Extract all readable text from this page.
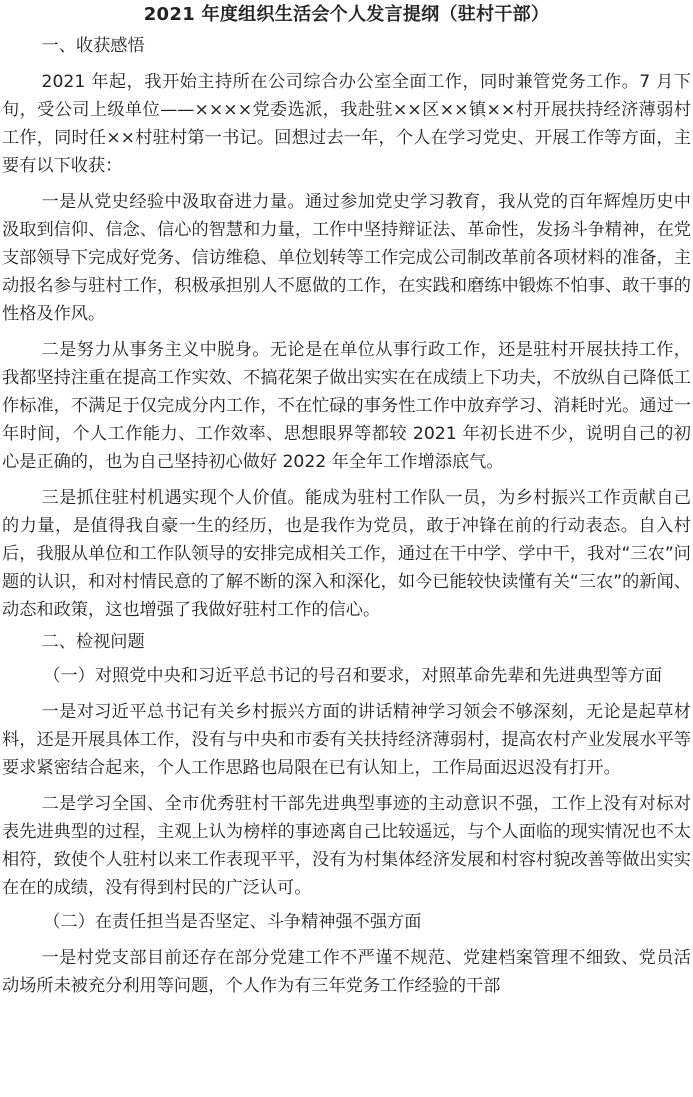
2021 年度组织生活会个人发言提纲（驻村干部）

一、收获感悟

2021 年起，我开始主持所在公司综合办公室全面工作，同时兼管党务工作。7 月下旬，受公司上级单位——××××党委选派，我赴驻××区××镇××村开展扶持经济薄弱村工作，同时任××村驻村第一书记。回想过去一年，个人在学习党史、开展工作等方面，主要有以下收获：

一是从党史经验中汲取奋进力量。通过参加党史学习教育，我从党的百年辉煌历史中汲取到信仰、信念、信心的智慧和力量，工作中坚持辩证法、革命性，发扬斗争精神，在党支部领导下完成好党务、信访维稳、单位划转等工作完成公司制改革前各项材料的准备，主动报名参与驻村工作，积极承担别人不愿做的工作，在实践和磨练中锻炼不怕事、敢干事的性格及作风。

二是努力从事务主义中脱身。无论是在单位从事行政工作，还是驻村开展扶持工作，我都坚持注重在提高工作实效、不搞花架子做出实实在在成绩上下功夫，不放纵自己降低工作标准，不满足于仅完成分内工作，不在忙碌的事务性工作中放弃学习、消耗时光。通过一年时间，个人工作能力、工作效率、思想眼界等都较 2021 年初长进不少，说明自己的初心是正确的，也为自己坚持初心做好 2022 年全年工作增添底气。

三是抓住驻村机遇实现个人价值。能成为驻村工作队一员，为乡村振兴工作贡献自己的力量，是值得我自豪一生的经历，也是我作为党员，敢于冲锋在前的行动表态。自入村后，我服从单位和工作队领导的安排完成相关工作，通过在干中学、学中干，我对“三农”问题的认识，和对村情民意的了解不断的深入和深化，如今已能较快读懂有关“三农”的新闻、动态和政策，这也增强了我做好驻村工作的信心。

二、检视问题

（一）对照党中央和习近平总书记的号召和要求，对照革命先辈和先进典型等方面

一是对习近平总书记有关乡村振兴方面的讲话精神学习领会不够深刻，无论是起草材料，还是开展具体工作，没有与中央和市委有关扶持经济薄弱村，提高农村产业发展水平等要求紧密结合起来，个人工作思路也局限在已有认知上，工作局面迟迟没有打开。

二是学习全国、全市优秀驻村干部先进典型事迹的主动意识不强，工作上没有对标对表先进典型的过程，主观上认为榜样的事迹离自己比较遥远，与个人面临的现实情况也不太相符，致使个人驻村以来工作表现平平，没有为村集体经济发展和村容村貌改善等做出实实在在的成绩，没有得到村民的广泛认可。

（二）在责任担当是否坚定、斗争精神强不强方面

一是村党支部目前还存在部分党建工作不严谨不规范、党建档案管理不细致、党员活动场所未被充分利用等问题，个人作为有三年党务工作经验的干部
